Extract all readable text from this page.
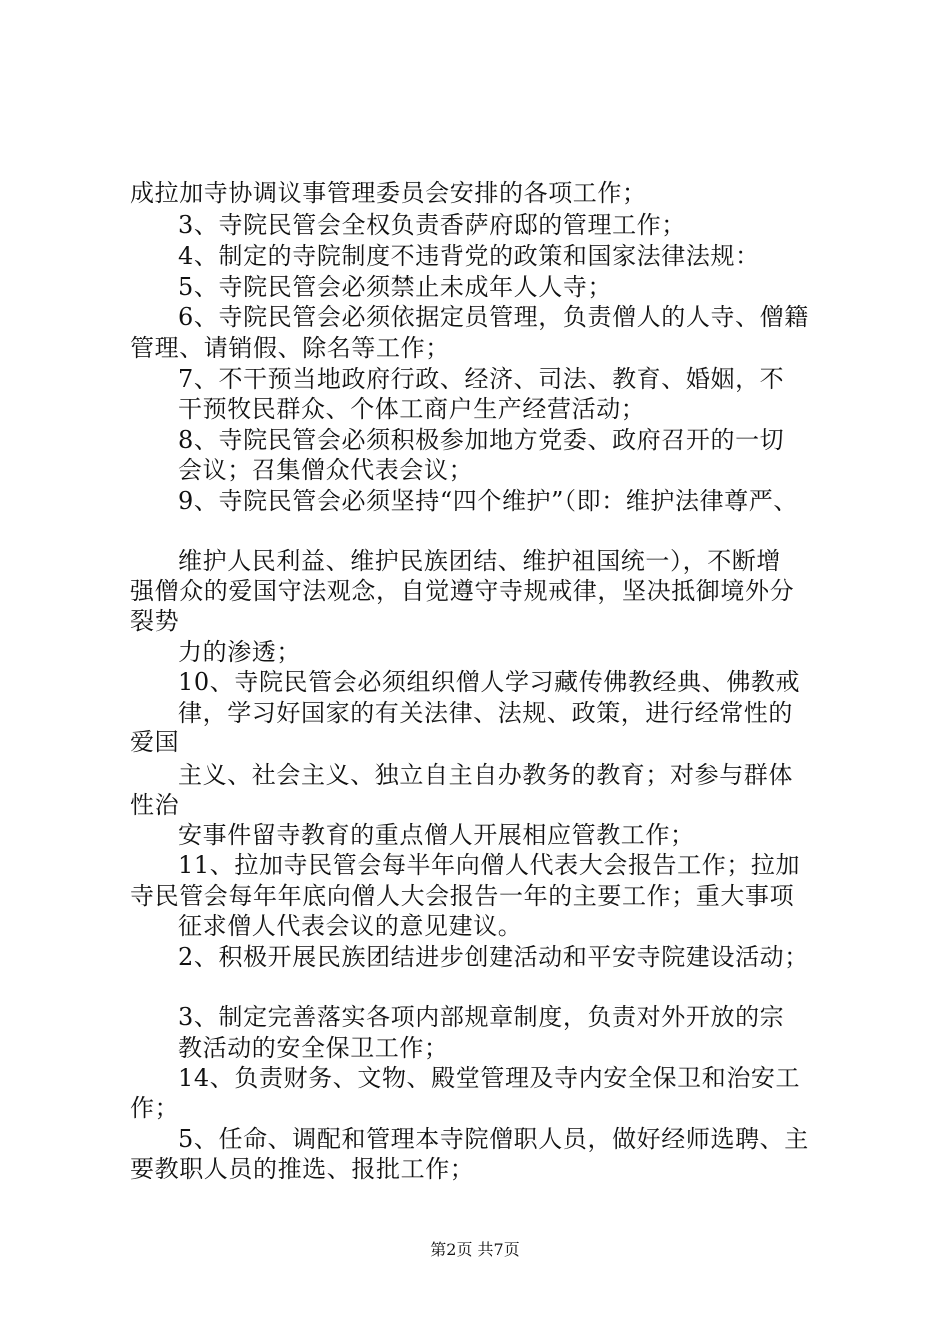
成拉加寺协调议事管理委员会安排的各项工作；
3、寺院民管会全权负责香萨府邸的管理工作；
4、制定的寺院制度不违背党的政策和国家法律法规：
5、寺院民管会必须禁止未成年人人寺；
6、寺院民管会必须依据定员管理，负责僧人的人寺、僧籍
管理、请销假、除名等工作；
7、不干预当地政府行政、经济、司法、教育、婚姻，不
干预牧民群众、个体工商户生产经营活动；
8、寺院民管会必须积极参加地方党委、政府召开的一切
会议；召集僧众代表会议；
9、寺院民管会必须坚持“四个维护”（即：维护法律尊严、
维护人民利益、维护民族团结、维护祖国统一），不断增
强僧众的爱国守法观念，自觉遵守寺规戒律，坚决抵御境外分
裂势
力的渗透；
10、寺院民管会必须组织僧人学习藏传佛教经典、佛教戒
律，学习好国家的有关法律、法规、政策，进行经常性的
爱国
主义、社会主义、独立自主自办教务的教育；对参与群体
性治
安事件留寺教育的重点僧人开展相应管教工作；
11、拉加寺民管会每半年向僧人代表大会报告工作；拉加
寺民管会每年年底向僧人大会报告一年的主要工作；重大事项
征求僧人代表会议的意见建议。
2、积极开展民族团结进步创建活动和平安寺院建设活动；
3、制定完善落实各项内部规章制度，负责对外开放的宗
教活动的安全保卫工作；
14、负责财务、文物、殿堂管理及寺内安全保卫和治安工
作；
5、任命、调配和管理本寺院僧职人员，做好经师选聘、主
要教职人员的推选、报批工作；
第2页 共7页
